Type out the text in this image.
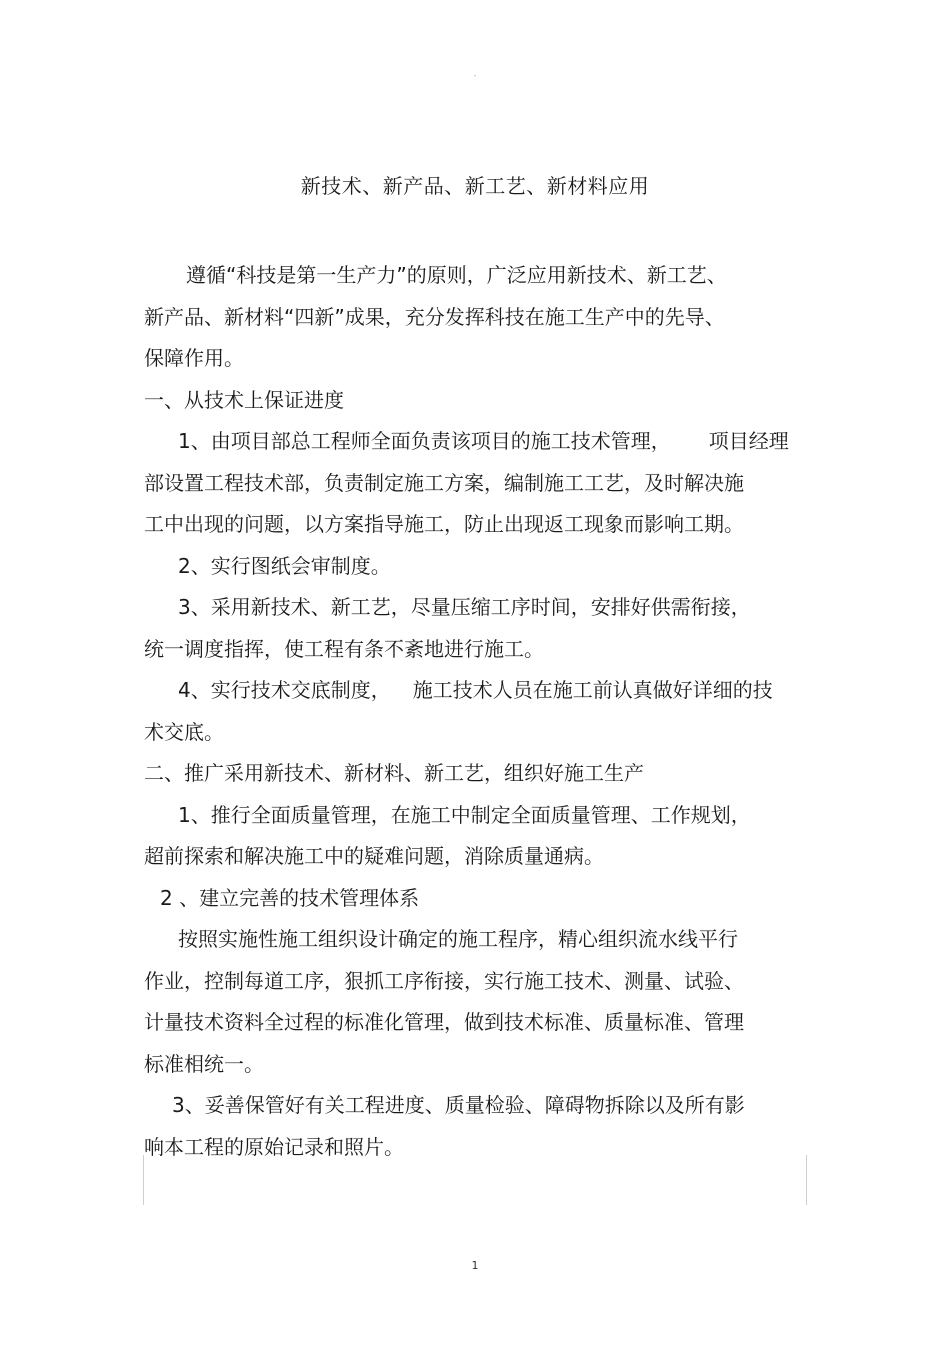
-
新技术、新产品、新工艺、新材料应用
遵循“科技是第一生产力”的原则，广泛应用新技术、新工艺、
新产品、新材料“四新”成果，充分发挥科技在施工生产中的先导、
保障作用。
一、从技术上保证进度
1、由项目部总工程师全面负责该项目的施工技术管理， 项目经理
部设置工程技术部，负责制定施工方案，编制施工工艺，及时解决施
工中出现的问题，以方案指导施工，防止出现返工现象而影响工期。
2、实行图纸会审制度。
3、采用新技术、新工艺，尽量压缩工序时间，安排好供需衔接，
统一调度指挥，使工程有条不紊地进行施工。
4、实行技术交底制度， 施工技术人员在施工前认真做好详细的技
术交底。
二、推广采用新技术、新材料、新工艺，组织好施工生产
1、推行全面质量管理，在施工中制定全面质量管理、工作规划，
超前探索和解决施工中的疑难问题，消除质量通病。
2 、建立完善的技术管理体系
按照实施性施工组织设计确定的施工程序，精心组织流水线平行
作业，控制每道工序，狠抓工序衔接，实行施工技术、测量、试验、
计量技术资料全过程的标准化管理，做到技术标准、质量标准、管理
标准相统一。
3、妥善保管好有关工程进度、质量检验、障碍物拆除以及所有影
响本工程的原始记录和照片。
1
